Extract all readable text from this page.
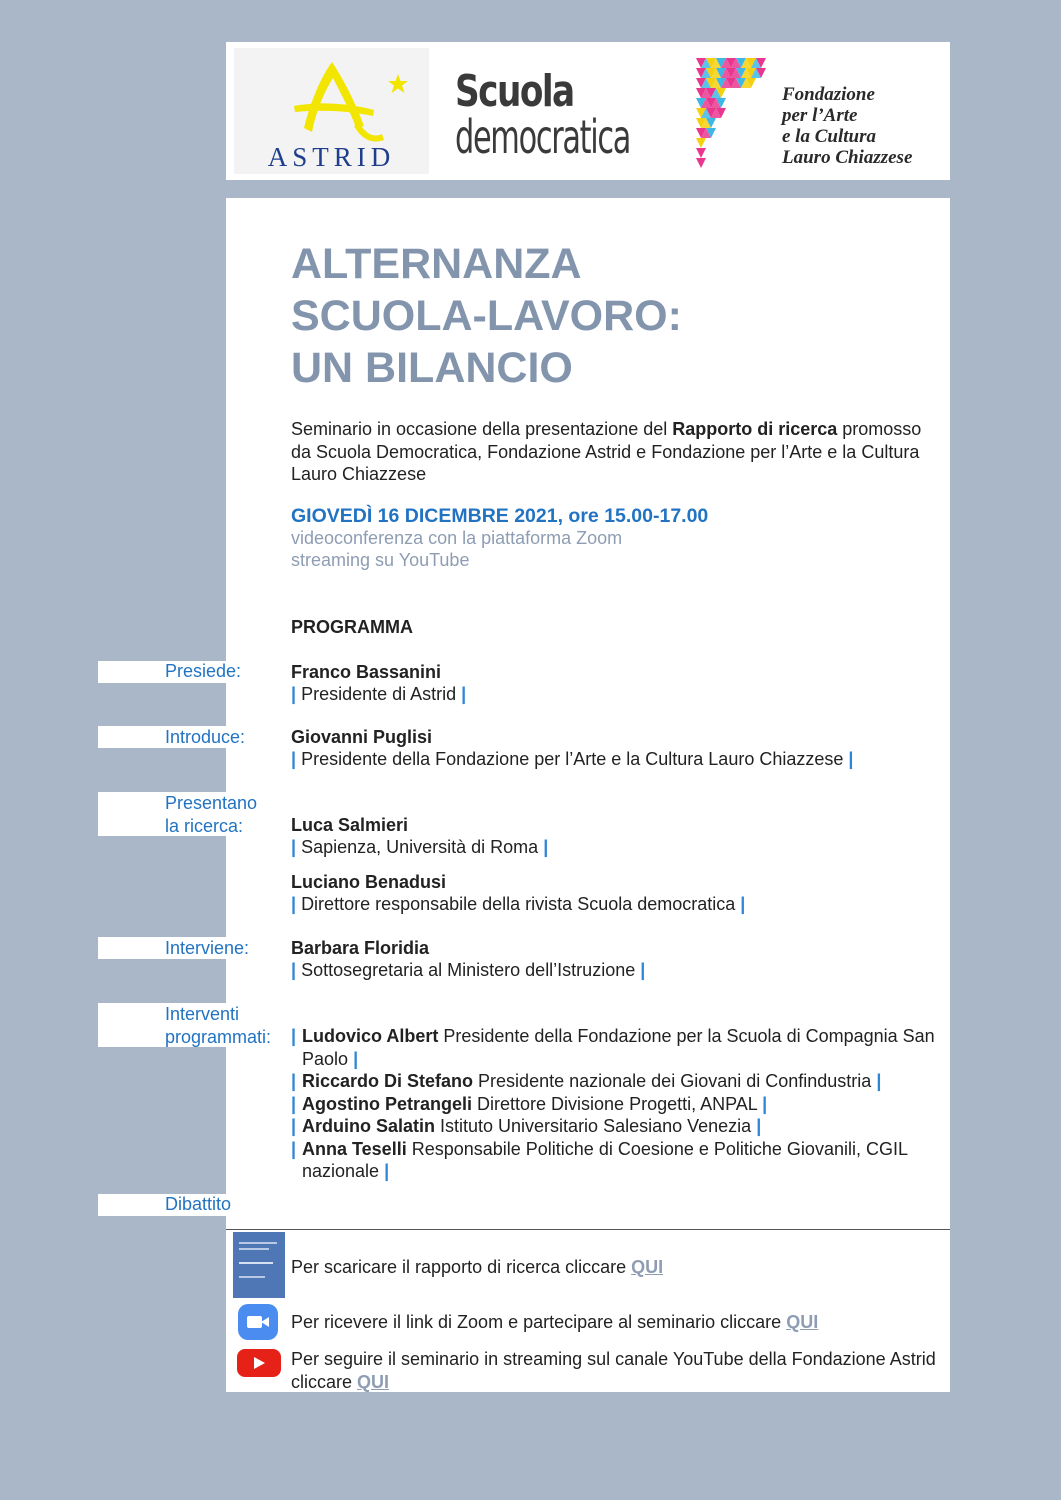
ASTRID
Scuola
democratica
Fondazione
per l’Arte
e la Cultura
Lauro Chiazzese
ALTERNANZA
SCUOLA-LAVORO:
UN BILANCIO
Seminario in occasione della presentazione del Rapporto di ricerca promosso da Scuola Democratica, Fondazione Astrid e Fondazione per l’Arte e la Cultura Lauro Chiazzese
GIOVEDÌ 16 DICEMBRE 2021, ore 15.00-17.00
videoconferenza con la piattaforma Zoom
streaming su YouTube
PROGRAMMA
Presiede:	Franco Bassanini
| Presidente di Astrid |
Introduce:	Giovanni Puglisi
| Presidente della Fondazione per l’Arte e la Cultura Lauro Chiazzese |
Presentano
la ricerca:	Luca Salmieri
| Sapienza, Università di Roma |
Luciano Benadusi
| Direttore responsabile della rivista Scuola democratica |
Interviene: Barbara Floridia
| Sottosegretaria al Ministero dell’Istruzione |
Interventi
programmati: | Ludovico Albert Presidente della Fondazione per la Scuola di Compagnia San Paolo |
| Riccardo Di Stefano Presidente nazionale dei Giovani di Confindustria |
| Agostino Petrangeli Direttore Divisione Progetti, ANPAL |
| Arduino Salatin Istituto Universitario Salesiano Venezia |
| Anna Teselli Responsabile Politiche di Coesione e Politiche Giovanili, CGIL nazionale |
Dibattito
Per scaricare il rapporto di ricerca cliccare QUI
Per ricevere il link di Zoom e partecipare al seminario cliccare QUI
Per seguire il seminario in streaming sul canale YouTube della Fondazione Astrid cliccare QUI
